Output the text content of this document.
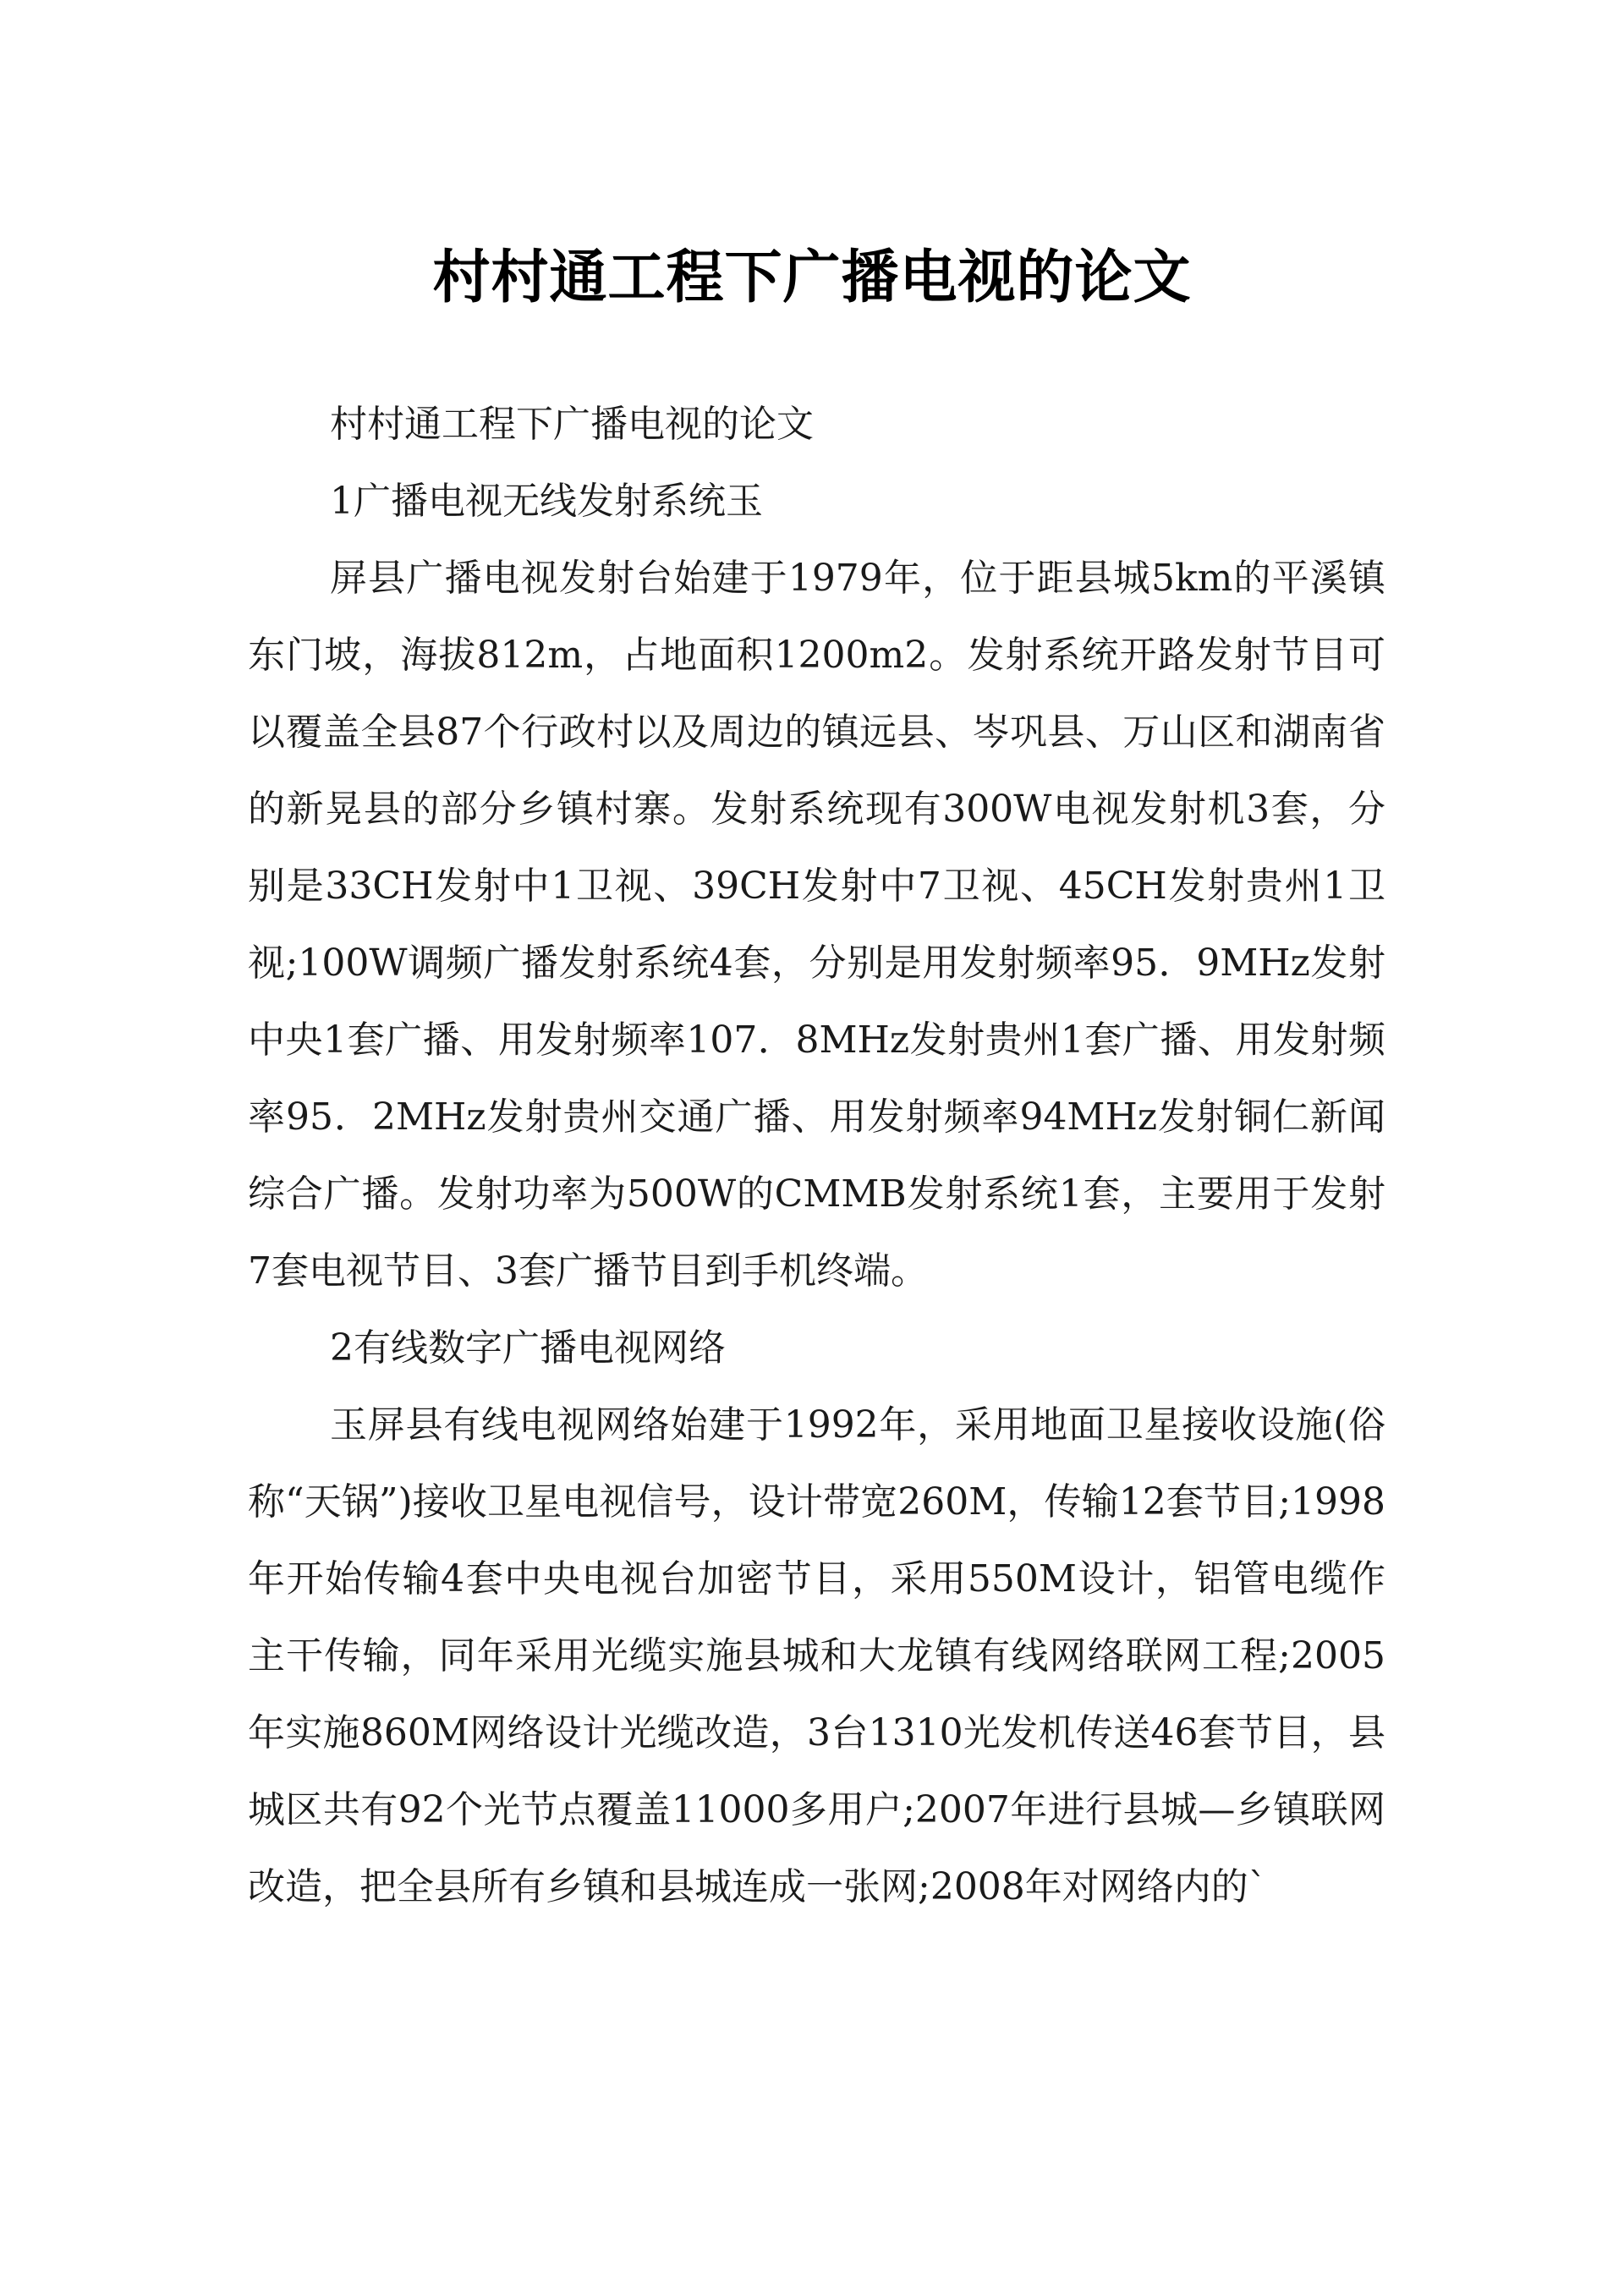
村村通工程下广播电视的论文

村村通工程下广播电视的论文

1广播电视无线发射系统玉

屏县广播电视发射台始建于1979年，位于距县城5km的平溪镇东门坡，海拔812m，占地面积1200m2。发射系统开路发射节目可以覆盖全县87个行政村以及周边的镇远县、岑巩县、万山区和湖南省的新晃县的部分乡镇村寨。发射系统现有300W电视发射机3套，分别是33CH发射中1卫视、39CH发射中7卫视、45CH发射贵州1卫视;100W调频广播发射系统4套，分别是用发射频率95．9MHz发射中央1套广播、用发射频率107．8MHz发射贵州1套广播、用发射频率95．2MHz发射贵州交通广播、用发射频率94MHz发射铜仁新闻综合广播。发射功率为500W的CMMB发射系统1套，主要用于发射7套电视节目、3套广播节目到手机终端。

2有线数字广播电视网络

玉屏县有线电视网络始建于1992年，采用地面卫星接收设施(俗称“天锅”)接收卫星电视信号，设计带宽260M，传输12套节目;1998年开始传输4套中央电视台加密节目，采用550M设计，铝管电缆作主干传输，同年采用光缆实施县城和大龙镇有线网络联网工程;2005年实施860M网络设计光缆改造，3台1310光发机传送46套节目，县城区共有92个光节点覆盖11000多用户;2007年进行县城—乡镇联网改造，把全县所有乡镇和县城连成一张网;2008年对网络内的`
